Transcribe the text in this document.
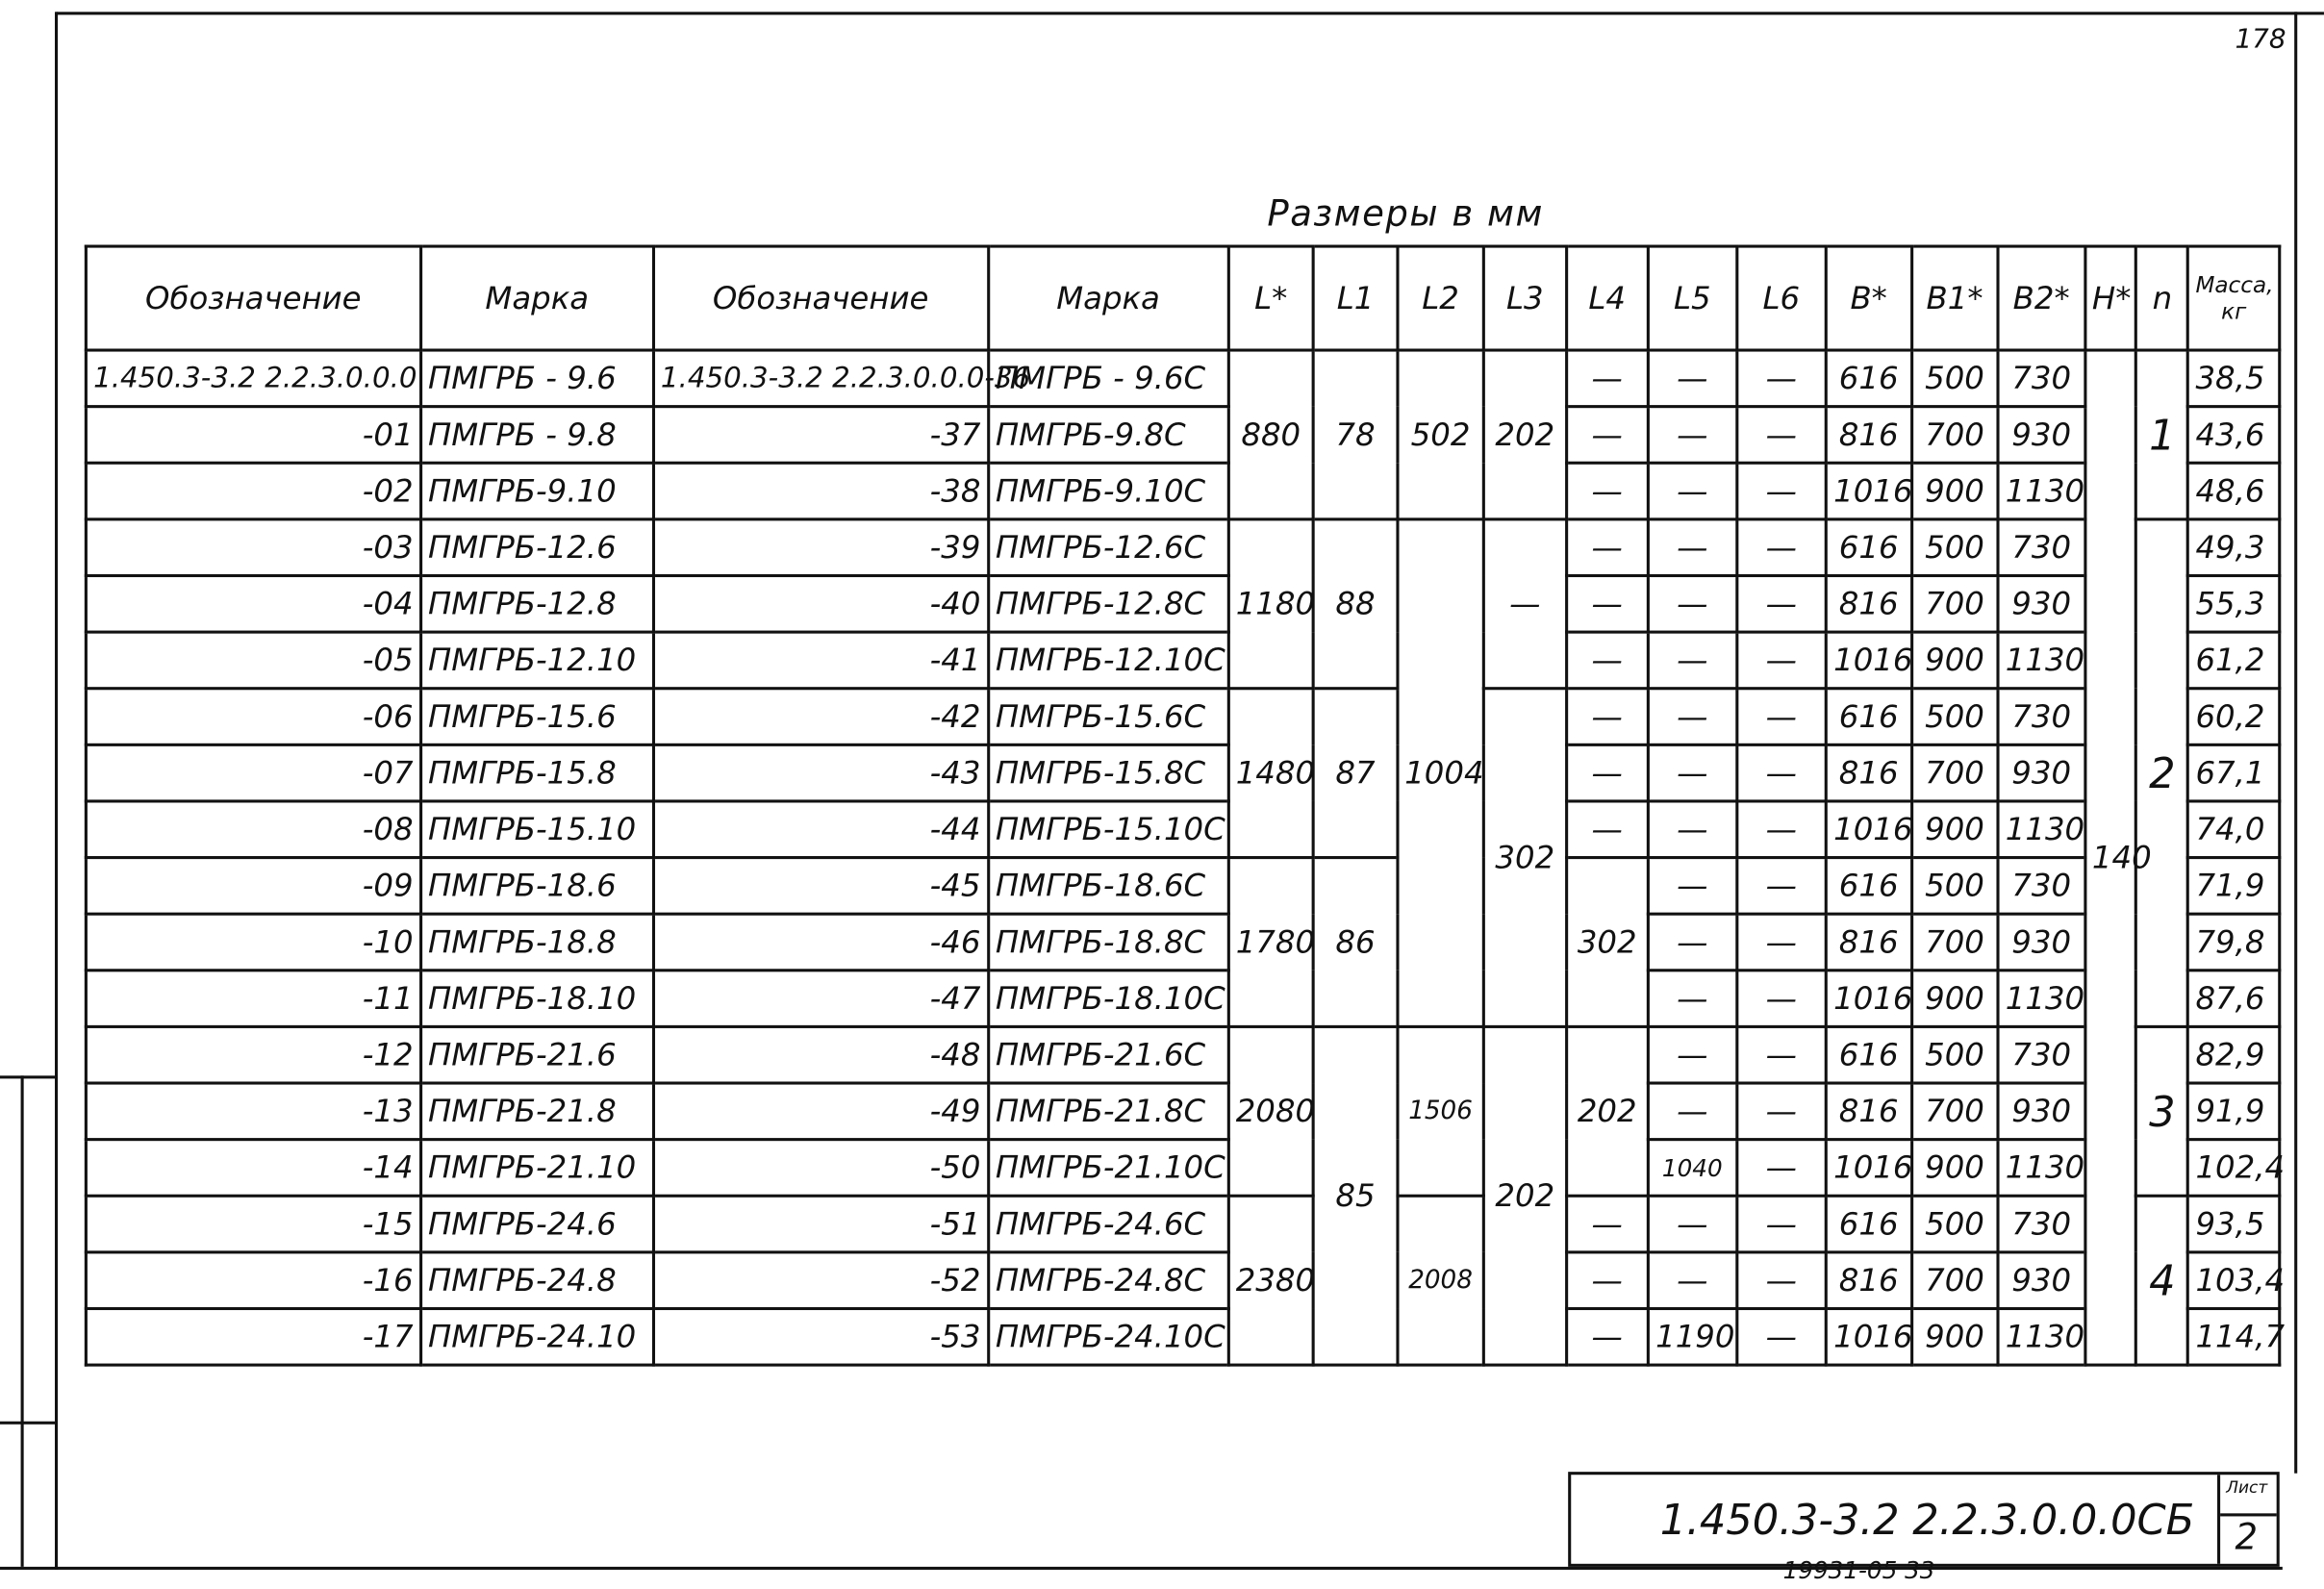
178
Размеры в мм
Обозначение	Марка	Обозначение	Марка	L*	L1	L2	L3	L4	L5	L6	B*	B1*	B2*	H*	n	Масса, кг
1.450.3-3.2 2.2.3.0.0.0	ПМГРБ - 9.6	1.450.3-3.2 2.2.3.0.0.0-36	ПМГРБ - 9.6С	880	78	502	202	—	—	—	616	500	730	140	1	38,5
-01	ПМГРБ - 9.8	-37	ПМГРБ-9.8С					—	—	—	816	700	930			43,6
-02	ПМГРБ-9.10	-38	ПМГРБ-9.10С					—	—	—	1016	900	1130			48,6
-03	ПМГРБ-12.6	-39	ПМГРБ-12.6С	1180	88	1004	—	—	—	—	616	500	730		2	49,3
-04	ПМГРБ-12.8	-40	ПМГРБ-12.8С					—	—	—	816	700	930			55,3
-05	ПМГРБ-12.10	-41	ПМГРБ-12.10С					—	—	—	1016	900	1130			61,2
-06	ПМГРБ-15.6	-42	ПМГРБ-15.6С	1480	87		302	—	—	—	616	500	730			60,2
-07	ПМГРБ-15.8	-43	ПМГРБ-15.8С					—	—	—	816	700	930			67,1
-08	ПМГРБ-15.10	-44	ПМГРБ-15.10С					—	—	—	1016	900	1130			74,0
-09	ПМГРБ-18.6	-45	ПМГРБ-18.6С	1780	86			302	—	—	616	500	730			71,9
-10	ПМГРБ-18.8	-46	ПМГРБ-18.8С						—	—	816	700	930			79,8
-11	ПМГРБ-18.10	-47	ПМГРБ-18.10С						—	—	1016	900	1130			87,6
-12	ПМГРБ-21.6	-48	ПМГРБ-21.6С	2080	85	1506	202	202	—	—	616	500	730		3	82,9
-13	ПМГРБ-21.8	-49	ПМГРБ-21.8С						—	—	816	700	930			91,9
-14	ПМГРБ-21.10	-50	ПМГРБ-21.10С						1040	—	1016	900	1130			102,4
-15	ПМГРБ-24.6	-51	ПМГРБ-24.6С	2380		2008		—	—	—	616	500	730		4	93,5
-16	ПМГРБ-24.8	-52	ПМГРБ-24.8С					—	—	—	816	700	930			103,4
-17	ПМГРБ-24.10	-53	ПМГРБ-24.10С					—	1190	—	1016	900	1130			114,7
1.450.3-3.2 2.2.3.0.0.0СБ
Лист
2
19931-05 33
